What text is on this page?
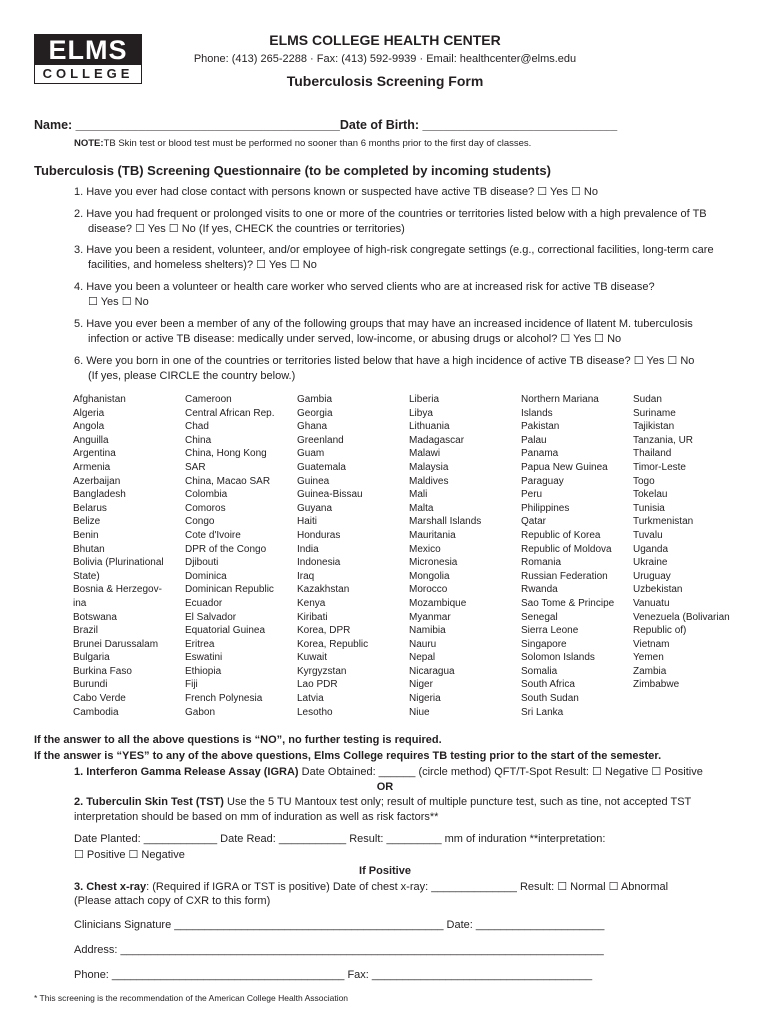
ELMS
COLLEGE
ELMS COLLEGE HEALTH CENTER
Phone: (413) 265-2288 · Fax: (413) 592-9939 · Email: healthcenter@elms.edu
Tuberculosis Screening Form
Name: ______________________________________Date of Birth: ____________________________
NOTE:TB Skin test or blood test must be performed no sooner than 6 months prior to the first day of classes.
Tuberculosis (TB) Screening Questionnaire (to be completed by incoming students)
1. Have you ever had close contact with persons known or suspected have active TB disease? ☐ Yes ☐ No
2. Have you had frequent or prolonged visits to one or more of the countries or territories listed below with a high prevalence of TB
disease? ☐ Yes ☐ No (If yes, CHECK the countries or territories)
3. Have you been a resident, volunteer, and/or employee of high-risk congregate settings (e.g., correctional facilities, long-term care
facilities, and homeless shelters)? ☐ Yes ☐ No
4. Have you been a volunteer or health care worker who served clients who are at increased risk for active TB disease?
☐ Yes ☐ No
5. Have you ever been a member of any of the following groups that may have an increased incidence of llatent M. tuberculosis
infection or active TB disease: medically under served, low-income, or abusing drugs or alcohol? ☐ Yes ☐ No
6. Were you born in one of the countries or territories listed below that have a high incidence of active TB disease? ☐ Yes ☐ No
(If yes, please CIRCLE the country below.)
Afghanistan
Algeria
Angola
Anguilla
Argentina
Armenia
Azerbaijan
Bangladesh
Belarus
Belize
Benin
Bhutan
Bolivia (Plurinational
State)
Bosnia & Herzegov-
ina
Botswana
Brazil
Brunei Darussalam
Bulgaria
Burkina Faso
Burundi
Cabo Verde
Cambodia
Cameroon
Central African Rep.
Chad
China
China, Hong Kong
SAR
China, Macao SAR
Colombia
Comoros
Congo
Cote d'Ivoire
DPR of the Congo
Djibouti
Dominica
Dominican Republic
Ecuador
El Salvador
Equatorial Guinea
Eritrea
Eswatini
Ethiopia
Fiji
French Polynesia
Gabon
Gambia
Georgia
Ghana
Greenland
Guam
Guatemala
Guinea
Guinea-Bissau
Guyana
Haiti
Honduras
India
Indonesia
Iraq
Kazakhstan
Kenya
Kiribati
Korea, DPR
Korea, Republic
Kuwait
Kyrgyzstan
Lao PDR
Latvia
Lesotho
Liberia
Libya
Lithuania
Madagascar
Malawi
Malaysia
Maldives
Mali
Malta
Marshall Islands
Mauritania
Mexico
Micronesia
Mongolia
Morocco
Mozambique
Myanmar
Namibia
Nauru
Nepal
Nicaragua
Niger
Nigeria
Niue
Northern Mariana
Islands
Pakistan
Palau
Panama
Papua New Guinea
Paraguay
Peru
Philippines
Qatar
Republic of Korea
Republic of Moldova
Romania
Russian Federation
Rwanda
Sao Tome & Principe
Senegal
Sierra Leone
Singapore
Solomon Islands
Somalia
South Africa
South Sudan
Sri Lanka
Sudan
Suriname
Tajikistan
Tanzania, UR
Thailand
Timor-Leste
Togo
Tokelau
Tunisia
Turkmenistan
Tuvalu
Uganda
Ukraine
Uruguay
Uzbekistan
Vanuatu
Venezuela (Bolivarian
Republic of)
Vietnam
Yemen
Zambia
Zimbabwe
If the answer to all the above questions is “NO”, no further testing is required.
If the answer is “YES” to any of the above questions, Elms College requires TB testing prior to the start of the semester.
1. Interferon Gamma Release Assay (IGRA) Date Obtained: ______ (circle method) QFT/T-Spot Result: ☐ Negative ☐ Positive
OR
2. Tuberculin Skin Test (TST) Use the 5 TU Mantoux test only; result of multiple puncture test, such as tine, not accepted TST
interpretation should be based on mm of induration as well as risk factors**
Date Planted: ____________ Date Read: ___________ Result: _________ mm of induration **interpretation:
☐ Positive ☐ Negative
If Positive
3. Chest x-ray: (Required if IGRA or TST is positive) Date of chest x-ray: ______________ Result: ☐ Normal ☐ Abnormal
(Please attach copy of CXR to this form)
Clinicians Signature ____________________________________________ Date: _____________________
Address: _______________________________________________________________________________
Phone: ______________________________________ Fax: ____________________________________
* This screening is the recommendation of the American College Health Association
